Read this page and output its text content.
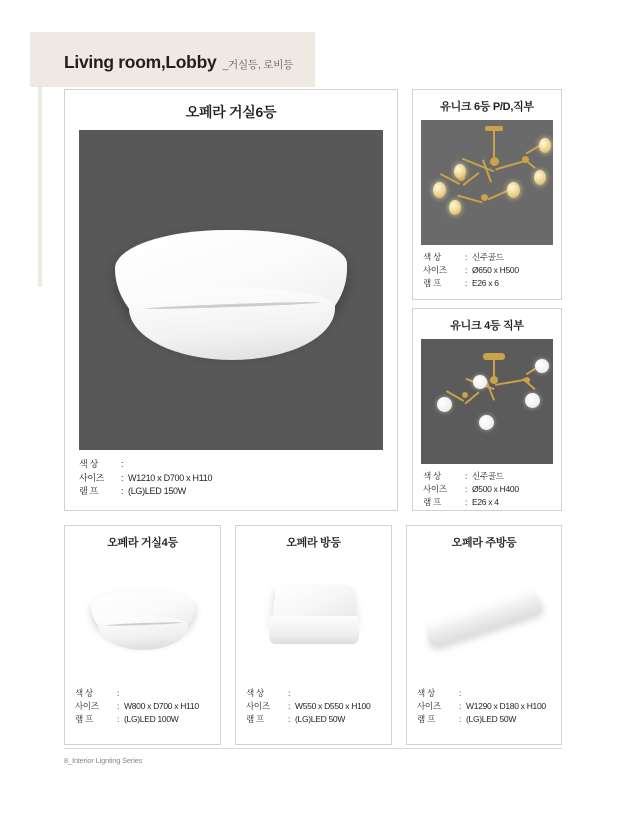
Living room,Lobby _거실등, 로비등
오페라 거실6등
색 상	:
사이즈	: W1210 x D700 x H110
램 프	: (LG)LED 150W
유니크 6등 P/D,직부
색 상	: 신주골드
사이즈	: Ø650 x H500
램 프	: E26 x 6
유니크 4등 직부
색 상	: 신주골드
사이즈	: Ø500 x H400
램 프	: E26 x 4
오페라 거실4등
색 상	:
사이즈	: W800 x D700 x H110
램 프	: (LG)LED 100W
오페라 방등
색 상	:
사이즈	: W550 x D550 x H100
램 프	: (LG)LED 50W
오페라 주방등
색 상	:
사이즈	: W1290 x D180 x H100
램 프	: (LG)LED 50W
8_Interior Lignting Series
